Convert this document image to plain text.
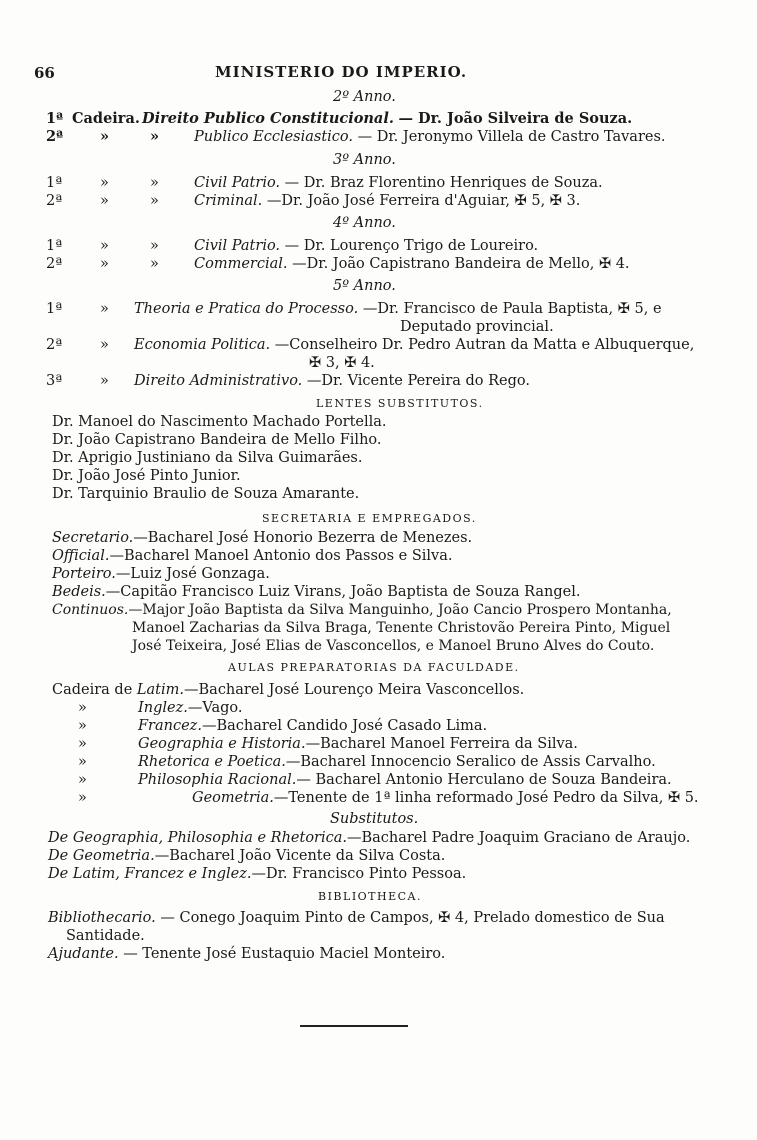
66	MINISTERIO DO IMPERIO.
2º Anno.
1ª Cadeira. Direito Publico Constitucional. — Dr. João Silveira de Souza.
2ª	»	» Publico Ecclesiastico. — Dr. Jeronymo Villela de Castro Tavares.
3º Anno.
1ª	»	» Civil Patrio. — Dr. Braz Florentino Henriques de Souza.
2ª	»	» Criminal. —Dr. João José Ferreira d'Aguiar, ✠ 5, ✠ 3.
4º Anno.
1ª	»	» Civil Patrio. — Dr. Lourenço Trigo de Loureiro.
2ª	»	» Commercial. —Dr. João Capistrano Bandeira de Mello, ✠ 4.
5º Anno.
1ª	» Theoria e Pratica do Processo. —Dr. Francisco de Paula Baptista, ✠ 5, e
Deputado provincial.
2ª	» Economia Politica. —Conselheiro Dr. Pedro Autran da Matta e Albuquerque,
✠ 3, ✠ 4.
3ª	» Direito Administrativo. —Dr. Vicente Pereira do Rego.
LENTES SUBSTITUTOS.
Dr. Manoel do Nascimento Machado Portella.
Dr. João Capistrano Bandeira de Mello Filho.
Dr. Aprigio Justiniano da Silva Guimarães.
Dr. João José Pinto Junior.
Dr. Tarquinio Braulio de Souza Amarante.
SECRETARIA E EMPREGADOS.
Secretario.—Bacharel José Honorio Bezerra de Menezes.
Official.—Bacharel Manoel Antonio dos Passos e Silva.
Porteiro.—Luiz José Gonzaga.
Bedeis.—Capitão Francisco Luiz Virans, João Baptista de Souza Rangel.
Continuos.—Major João Baptista da Silva Manguinho, João Cancio Prospero Montanha,
Manoel Zacharias da Silva Braga, Tenente Christovão Pereira Pinto, Miguel
José Teixeira, José Elias de Vasconcellos, e Manoel Bruno Alves do Couto.
AULAS PREPARATORIAS DA FACULDADE.
Cadeira de Latim.—Bacharel José Lourenço Meira Vasconcellos.
»	Inglez.—Vago.
»	Francez.—Bacharel Candido José Casado Lima.
»	Geographia e Historia.—Bacharel Manoel Ferreira da Silva.
»	Rhetorica e Poetica.—Bacharel Innocencio Seralico de Assis Carvalho.
»	Philosophia Racional.— Bacharel Antonio Herculano de Souza Bandeira.
»	Geometria.—Tenente de 1ª linha reformado José Pedro da Silva, ✠ 5.
Substitutos.
De Geographia, Philosophia e Rhetorica.—Bacharel Padre Joaquim Graciano de Araujo.
De Geometria.—Bacharel João Vicente da Silva Costa.
De Latim, Francez e Inglez.—Dr. Francisco Pinto Pessoa.
BIBLIOTHECA.
Bibliothecario. — Conego Joaquim Pinto de Campos, ✠ 4, Prelado domestico de Sua
Santidade.
Ajudante. — Tenente José Eustaquio Maciel Monteiro.
